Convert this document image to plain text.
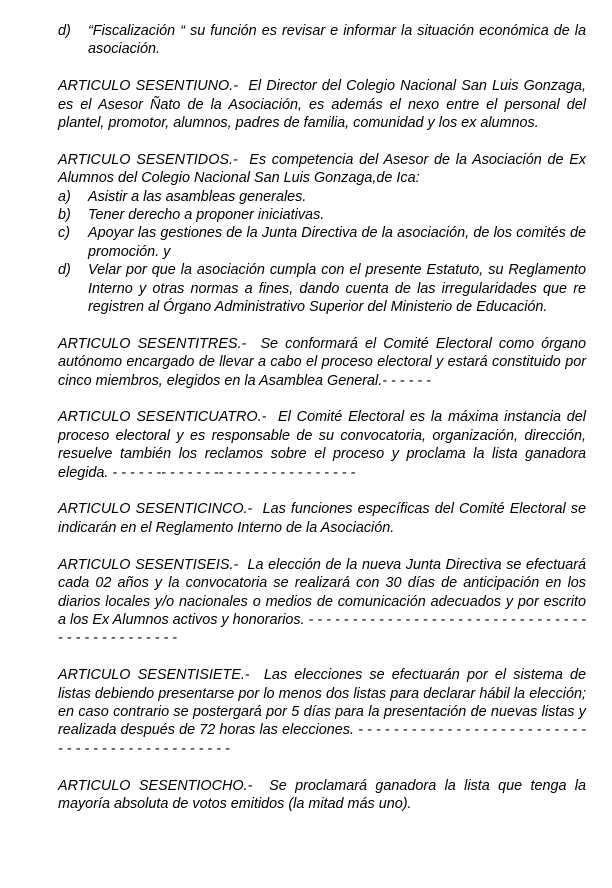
d) “Fiscalización “ su función es revisar e informar la situación económica de la asociación.

ARTICULO SESENTIUNO.- El Director del Colegio Nacional San Luis Gonzaga, es el Asesor Ñato de la Asociación, es además el nexo entre el personal del plantel, promotor, alumnos, padres de familia, comunidad y los ex alumnos.

ARTICULO SESENTIDOS.- Es competencia del Asesor de la Asociación de Ex Alumnos del Colegio Nacional San Luis Gonzaga,de Ica:

a) Asistir a las asambleas generales.
b) Tener derecho a proponer iniciativas.
c) Apoyar las gestiones de la Junta Directiva de la asociación, de los comités de promoción. y
d) Velar por que la asociación cumpla con el presente Estatuto, su Reglamento Interno y otras normas a fines, dando cuenta de las irregularidades que re registren al Órgano Administrativo Superior del Ministerio de Educación.

ARTICULO SESENTITRES.- Se conformará el Comité Electoral como órgano autónomo encargado de llevar a cabo el proceso electoral y estará constituido por cinco miembros, elegidos en la Asamblea General.- - - - - -

ARTICULO SESENTICUATRO.- El Comité Electoral es la máxima instancia del proceso electoral y es responsable de su convocatoria, organización, dirección, resuelve también los reclamos sobre el proceso y proclama la lista ganadora elegida. - - - - - -- - - - - - -- - - - - - - - - - - - - - - -

ARTICULO SESENTICINCO.- Las funciones específicas del Comité Electoral se indicarán en el Reglamento Interno de la Asociación.

ARTICULO SESENTISEIS.- La elección de la nueva Junta Directiva se efectuará cada 02 años y la convocatoria se realizará con 30 días de anticipación en los diarios locales y/o nacionales o medios de comunicación adecuados y por escrito a los Ex Alumnos activos y honorarios. - - - - - - - - - - - - - - - - - - - - - - - - - - - - - - - - - - - - - - - - - - - - - -

ARTICULO SESENTISIETE.- Las elecciones se efectuarán por el sistema de listas debiendo presentarse por lo menos dos listas para declarar hábil la elección; en caso contrario se postergará por 5 días para la presentación de nuevas listas y realizada después de 72 horas las elecciones. - - - - - - - - - - - - - - - - - - - - - - - - - - - - - - - - - - - - - - - - - - - - - -

ARTICULO SESENTIOCHO.- Se proclamará ganadora la lista que tenga la mayoría absoluta de votos emitidos (la mitad más uno).
